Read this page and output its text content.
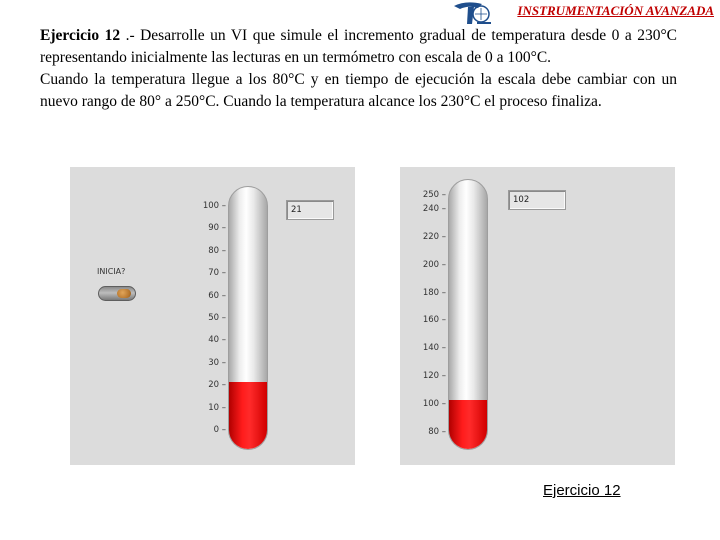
INSTRUMENTACIÓN AVANZADA

Ejercicio 12 .- Desarrolle un VI que simule el incremento gradual de temperatura desde 0 a 230°C representando inicialmente las lecturas en un termómetro con escala de 0 a 100°C.

Cuando la temperatura llegue a los 80°C y en tiempo de ejecución la escala debe cambiar con un nuevo rango de 80° a 250°C. Cuando la temperatura alcance los 230°C el proceso finaliza.

INICIA?
100 –
90 –
80 –
70 –
60 –
50 –
40 –
30 –
20 –
10 –
0 –
21
250 –
240 –
220 –
200 –
180 –
160 –
140 –
120 –
100 –
80 –
102
Ejercicio 12
